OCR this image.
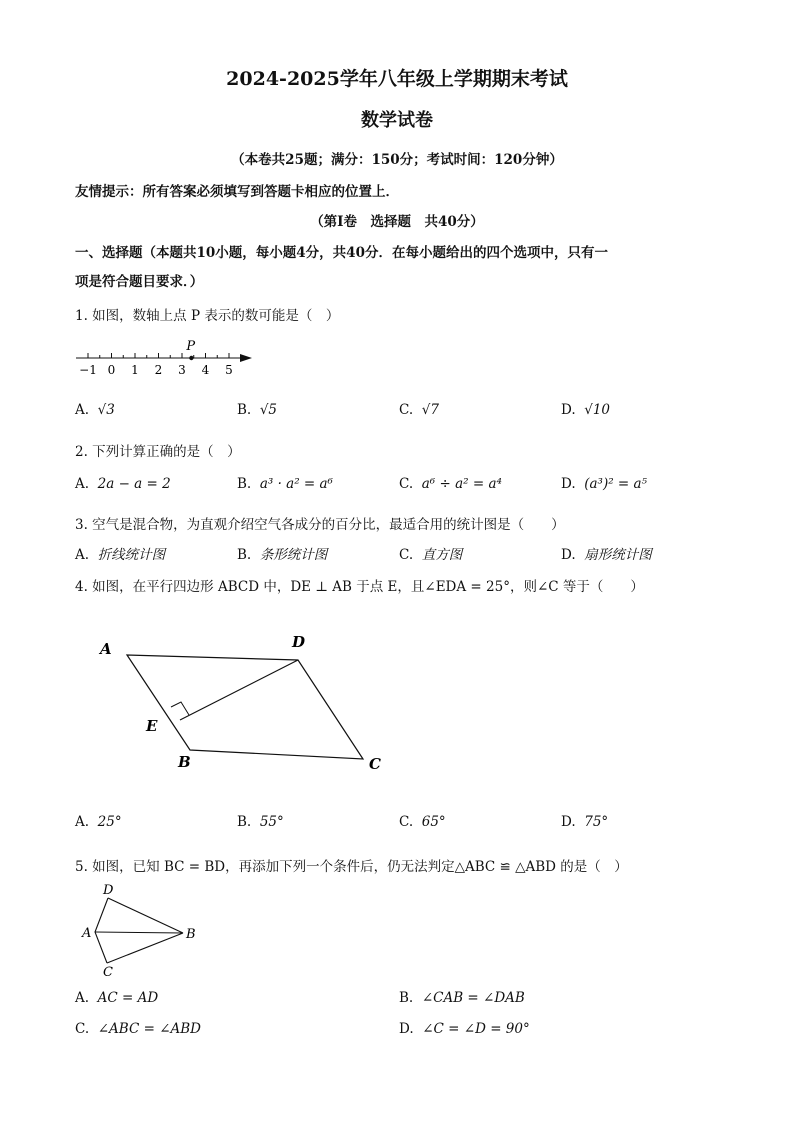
2024-2025学年八年级上学期期末考试
数学试卷
（本卷共25题；满分：150分；考试时间：120分钟）
友情提示：所有答案必须填写到答题卡相应的位置上．
（第Ⅰ卷　选择题　共40分）
一、选择题（本题共10小题，每小题4分，共40分．在每小题给出的四个选项中，只有一
项是符合题目要求．）
1. 如图，数轴上点 P 表示的数可能是（　）
−1 0 1 2 3 4 5
P
A. √3	B. √5	C. √7	D. √10
2. 下列计算正确的是（　）
A. 2a − a = 2	B. a³ · a² = a⁶	C. a⁶ ÷ a² = a⁴	D. (a³)² = a⁵
3. 空气是混合物，为直观介绍空气各成分的百分比，最适合用的统计图是（　　）
A. 折线统计图	B. 条形统计图	C. 直方图	D. 扇形统计图
4. 如图，在平行四边形 ABCD 中，DE ⊥ AB 于点 E，且∠EDA = 25°，则∠C 等于（　　）
A	D
E
B	C
A. 25°	B. 55°	C. 65°	D. 75°
5. 如图，已知 BC = BD，再添加下列一个条件后，仍无法判定△ABC ≌ △ABD 的是（　）
D
A	B
C
A. AC = AD	B. ∠CAB = ∠DAB
C. ∠ABC = ∠ABD	D. ∠C = ∠D = 90°
